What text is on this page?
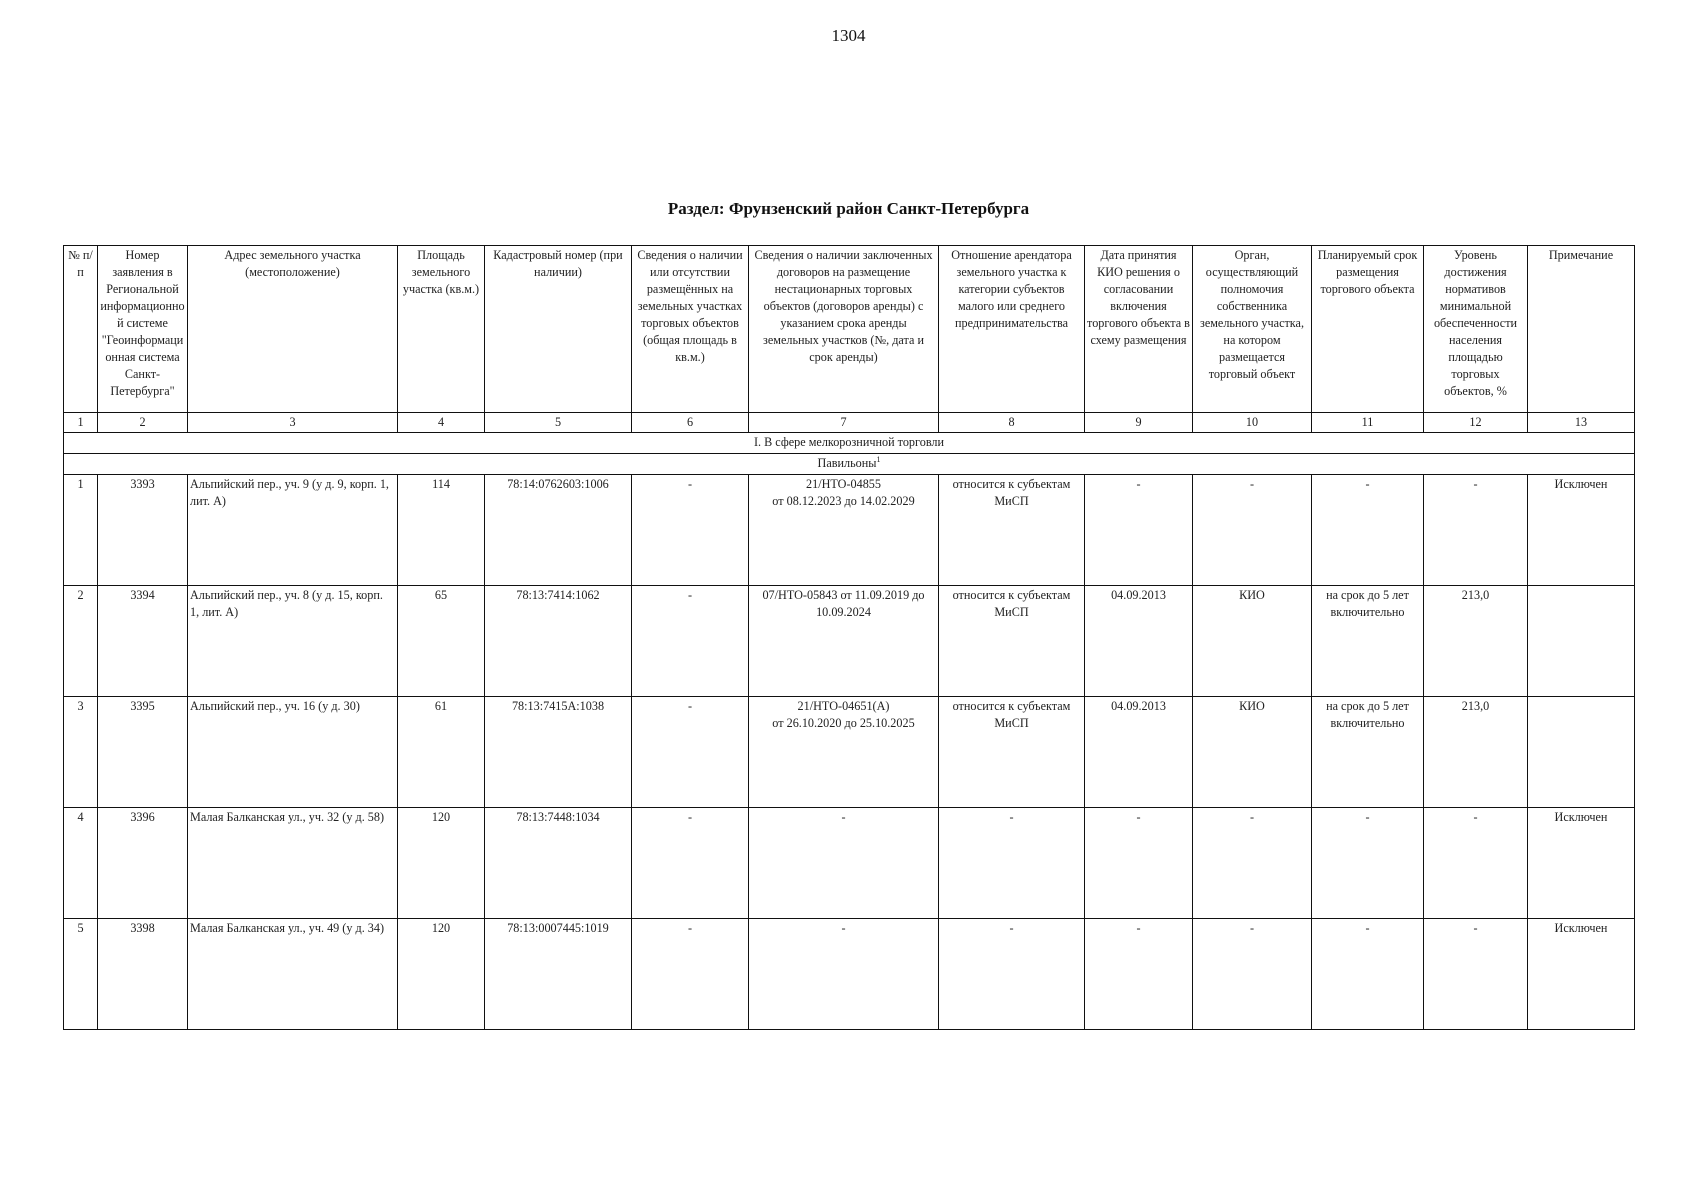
1304
Раздел: Фрунзенский район Санкт-Петербурга
№ п/п	Номер заявления в Региональной информационной системе "Геоинформационная система Санкт-Петербурга"	Адрес земельного участка (местоположение)	Площадь земельного участка (кв.м.)	Кадастровый номер (при наличии)	Сведения о наличии или отсутствии размещённых на земельных участках торговых объектов (общая площадь в кв.м.)	Сведения о наличии заключенных договоров на размещение нестационарных торговых объектов (договоров аренды) с указанием срока аренды земельных участков (№, дата и срок аренды)	Отношение арендатора земельного участка к категории субъектов малого или среднего предпринимательства	Дата принятия КИО решения о согласовании включения торгового объекта в схему размещения	Орган, осуществляющий полномочия собственника земельного участка, на котором размещается торговый объект	Планируемый срок размещения торгового объекта	Уровень достижения нормативов минимальной обеспеченности населения площадью торговых объектов, %	Примечание
1	2	3	4	5	6	7	8	9	10	11	12	13
I. В сфере мелкорозничной торговли												
Павильоны$^1$
1	3393	Альпийский пер., уч. 9 (у д. 9, корп. 1, лит. А)	114	78:14:0762603:1006	-	21/НТО-04855
от 08.12.2023 до 14.02.2029	относится к субъектам МиСП	-	-	-	-	Исключен
2	3394	Альпийский пер., уч. 8 (у д. 15, корп. 1, лит. А)	65	78:13:7414:1062	-	07/НТО-05843 от 11.09.2019 до 10.09.2024	относится к субъектам МиСП	04.09.2013	КИО	на срок до 5 лет включительно	213,0	
3	3395	Альпийский пер., уч. 16 (у д. 30)	61	78:13:7415А:1038	-	21/НТО-04651(А)
от 26.10.2020 до 25.10.2025	относится к субъектам МиСП	04.09.2013	КИО	на срок до 5 лет включительно	213,0	
4	3396	Малая Балканская ул., уч. 32 (у д. 58)	120	78:13:7448:1034	-	-	-	-	-	-	-	Исключен
5	3398	Малая Балканская ул., уч. 49 (у д. 34)	120	78:13:0007445:1019	-	-	-	-	-	-	-	Исключен
